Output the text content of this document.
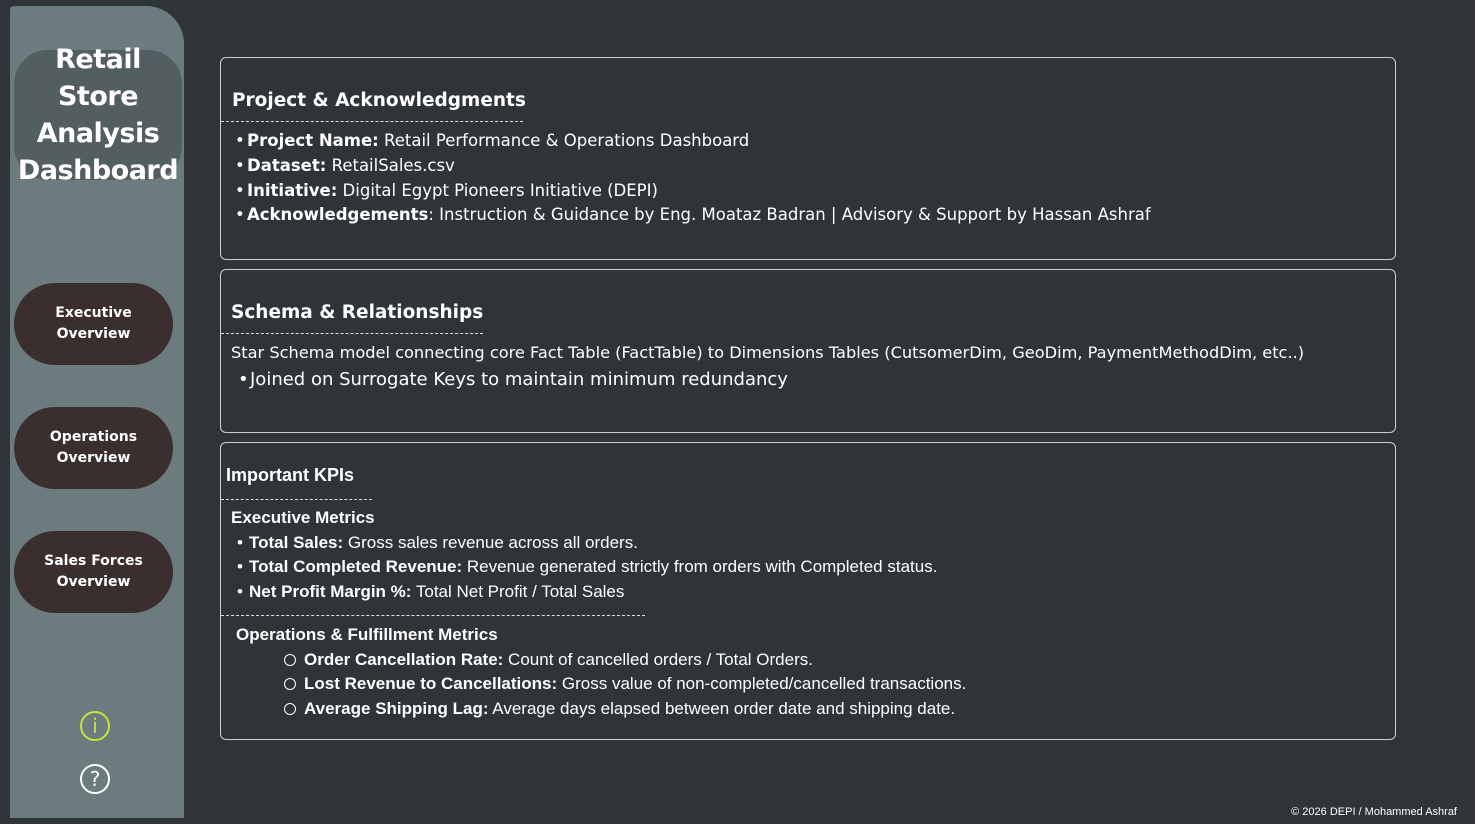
Retail Store Analysis Dashboard
Executive Overview
Operations Overview
Sales Forces Overview
i
?
Project & Acknowledgments
• Project Name: Retail Performance & Operations Dashboard
• Dataset: RetailSales.csv
• Initiative: Digital Egypt Pioneers Initiative (DEPI)
• Acknowledgements: Instruction & Guidance by Eng. Moataz Badran | Advisory & Support by Hassan Ashraf
Schema & Relationships
Star Schema model connecting core Fact Table (FactTable) to Dimensions Tables (CutsomerDim, GeoDim, PaymentMethodDim, etc..)
•Joined on Surrogate Keys to maintain minimum redundancy
Important KPIs
Executive Metrics
• Total Sales: Gross sales revenue across all orders.
• Total Completed Revenue: Revenue generated strictly from orders with Completed status.
• Net Profit Margin %: Total Net Profit / Total Sales
Operations & Fulfillment Metrics
Order Cancellation Rate: Count of cancelled orders / Total Orders.
Lost Revenue to Cancellations: Gross value of non-completed/cancelled transactions.
Average Shipping Lag: Average days elapsed between order date and shipping date.
© 2026 DEPI / Mohammed Ashraf
